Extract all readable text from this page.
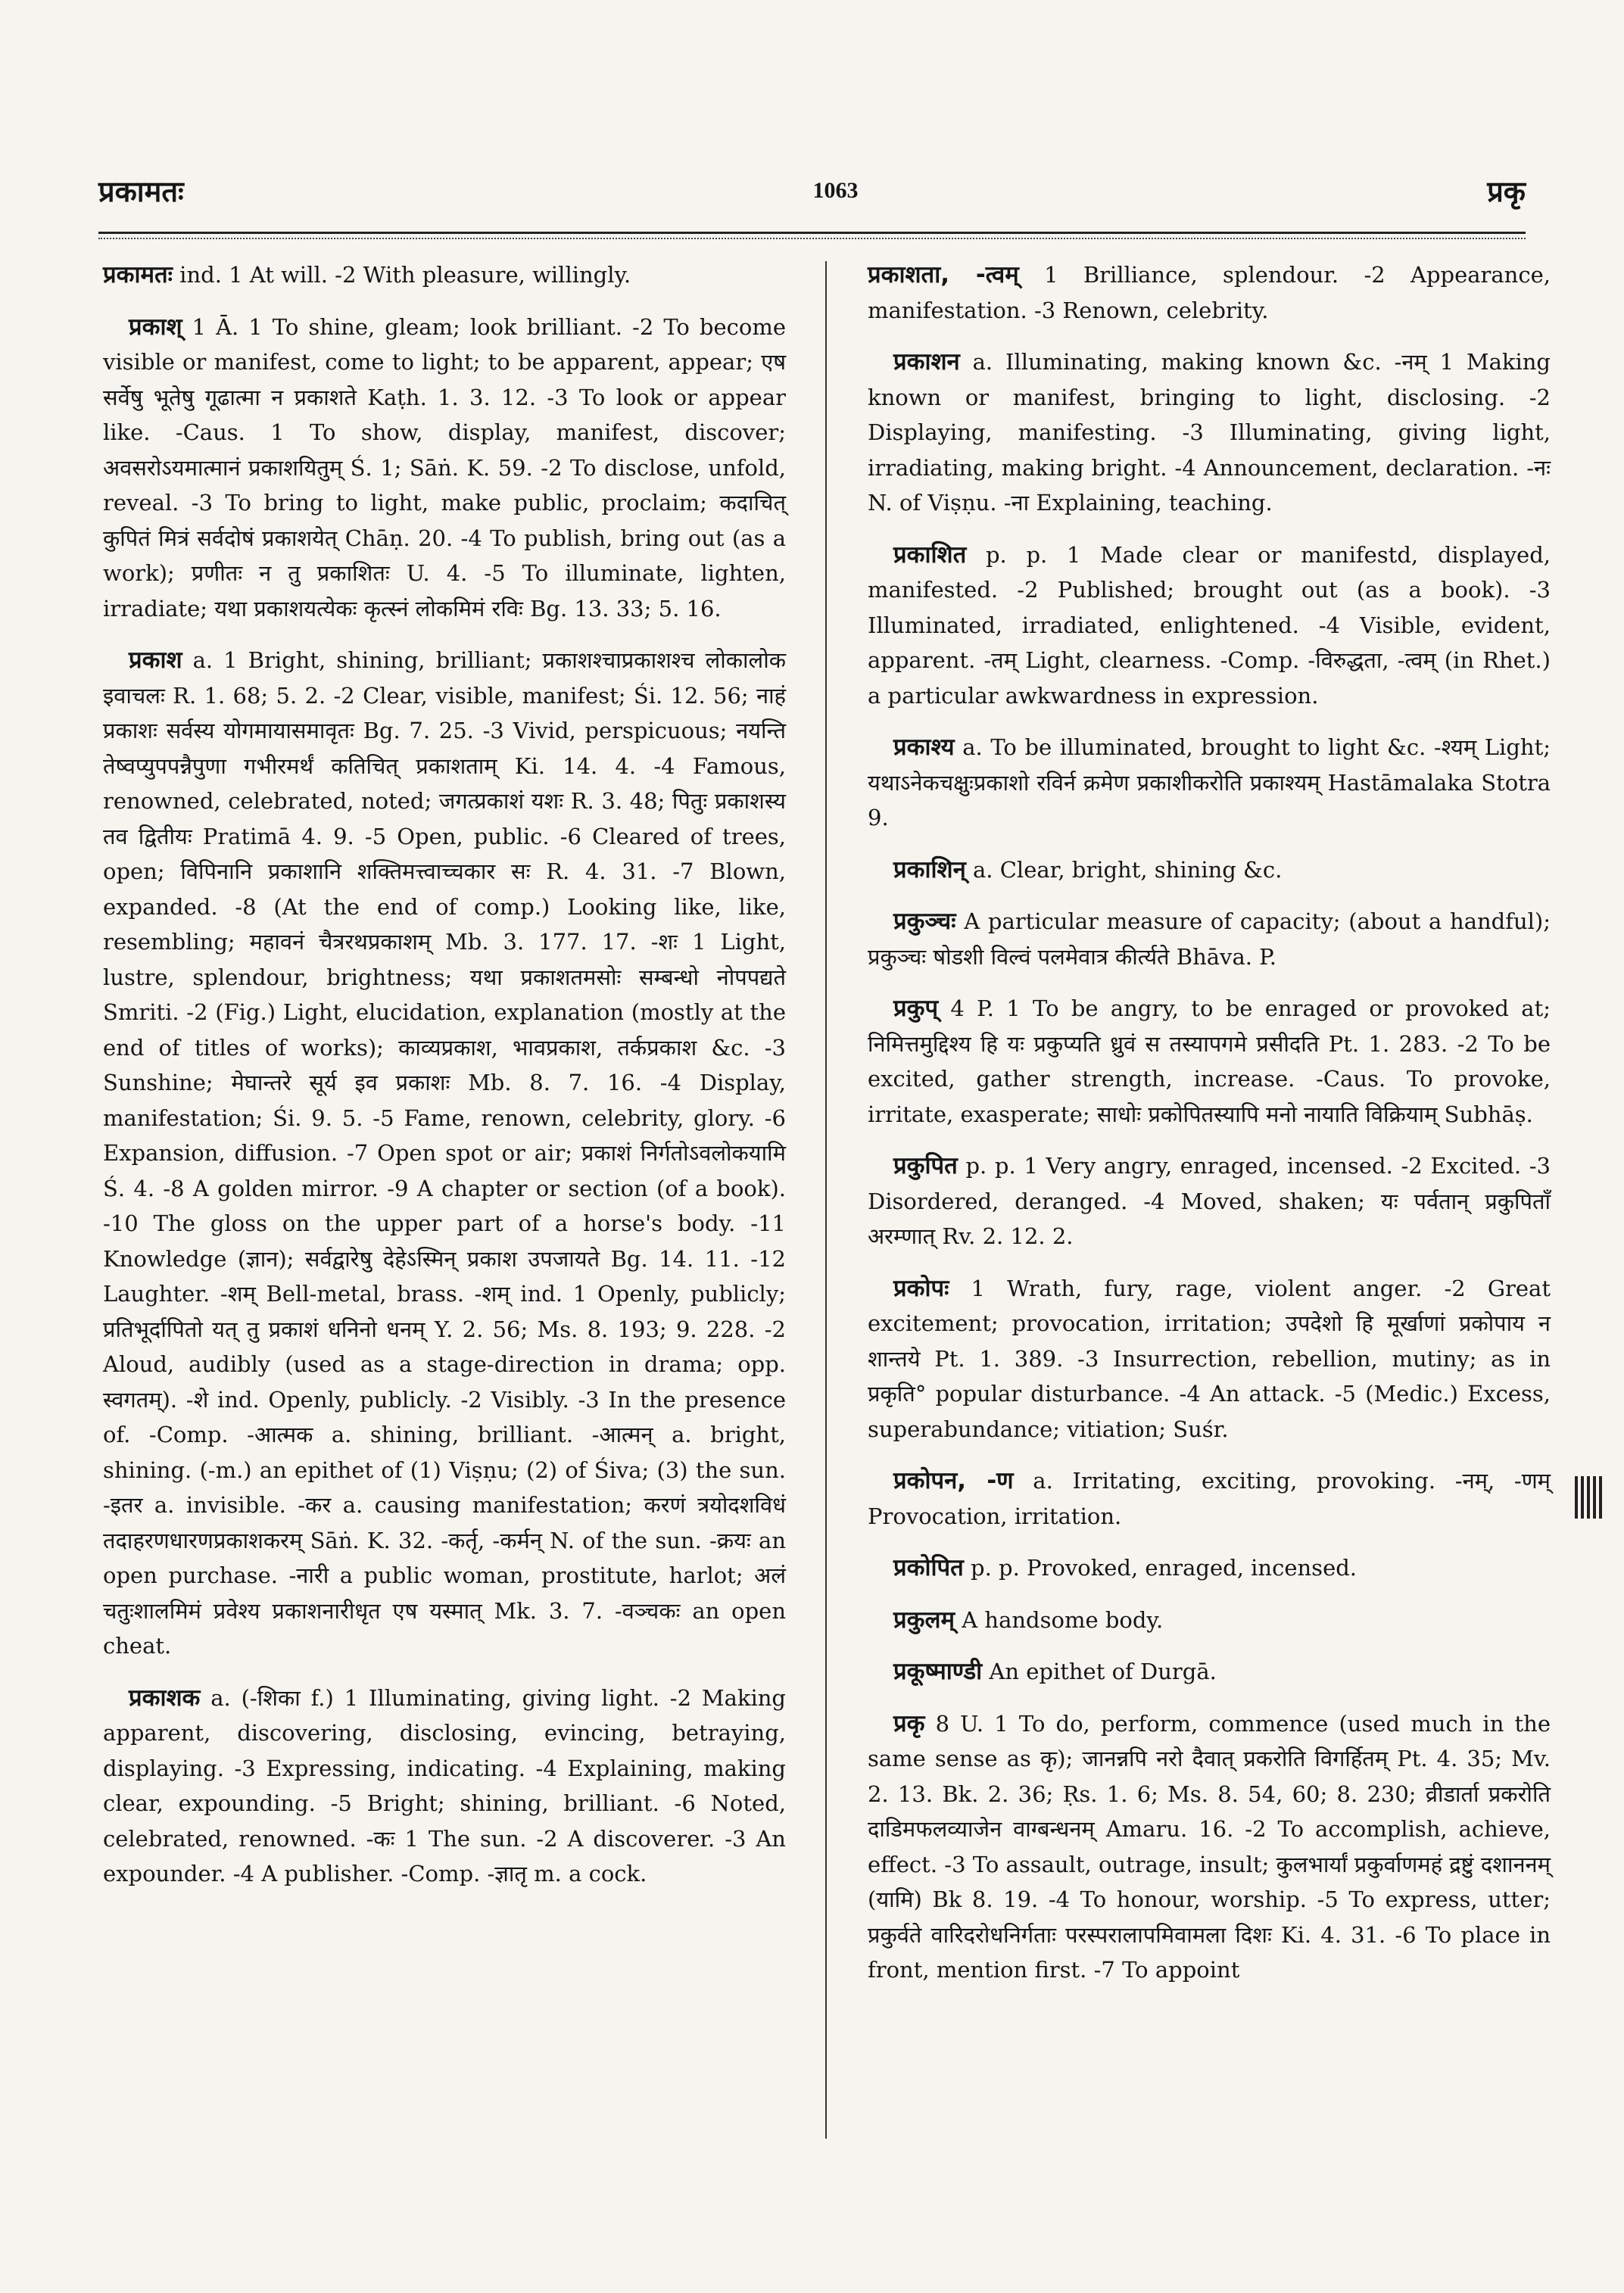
प्रकामतः	1063	प्रकृ

प्रकामतः ind. 1 At will. -2 With pleasure, willingly.

प्रकाश् 1 Ā. 1 To shine, gleam; look brilliant. -2 To become visible or manifest, come to light; to be apparent, appear; एष सर्वेषु भूतेषु गूढात्मा न प्रकाशते Kaṭh. 1. 3. 12. -3 To look or appear like. -Caus. 1 To show, display, manifest, discover; अवसरोऽयमात्मानं प्रकाशयितुम् Ś. 1; Sāṅ. K. 59. -2 To disclose, unfold, reveal. -3 To bring to light, make public, proclaim; कदाचित् कुपितं मित्रं सर्वदोषं प्रकाशयेत् Chāṇ. 20. -4 To publish, bring out (as a work); प्रणीतः न तु प्रकाशितः U. 4. -5 To illuminate, lighten, irradiate; यथा प्रकाशयत्येकः कृत्स्नं लोकमिमं रविः Bg. 13. 33; 5. 16.

प्रकाश a. 1 Bright, shining, brilliant; प्रकाशश्चाप्रकाशश्च लोकालोक इवाचलः R. 1. 68; 5. 2. -2 Clear, visible, manifest; Śi. 12. 56; नाहं प्रकाशः सर्वस्य योगमायासमावृतः Bg. 7. 25. -3 Vivid, perspicuous; नयन्ति तेष्वप्युपपन्नैपुणा गभीरमर्थं कतिचित् प्रकाशताम् Ki. 14. 4. -4 Famous, renowned, celebrated, noted; जगत्प्रकाशं यशः R. 3. 48; पितुः प्रकाशस्य तव द्वितीयः Pratimā 4. 9. -5 Open, public. -6 Cleared of trees, open; विपिनानि प्रकाशानि शक्तिमत्त्वाच्चकार सः R. 4. 31. -7 Blown, expanded. -8 (At the end of comp.) Looking like, like, resembling; महावनं चैत्ररथप्रकाशम् Mb. 3. 177. 17. -शः 1 Light, lustre, splendour, brightness; यथा प्रकाशतमसोः सम्बन्धो नोपपद्यते Smriti. -2 (Fig.) Light, elucidation, explanation (mostly at the end of titles of works); काव्यप्रकाश, भावप्रकाश, तर्कप्रकाश &c. -3 Sunshine; मेघान्तरे सूर्य इव प्रकाशः Mb. 8. 7. 16. -4 Display, manifestation; Śi. 9. 5. -5 Fame, renown, celebrity, glory. -6 Expansion, diffusion. -7 Open spot or air; प्रकाशं निर्गतोऽवलोकयामि Ś. 4. -8 A golden mirror. -9 A chapter or section (of a book). -10 The gloss on the upper part of a horse's body. -11 Knowledge (ज्ञान); सर्वद्वारेषु देहेऽस्मिन् प्रकाश उपजायते Bg. 14. 11. -12 Laughter. -शम् Bell-metal, brass. -शम् ind. 1 Openly, publicly; प्रतिभूर्दापितो यत् तु प्रकाशं धनिनो धनम् Y. 2. 56; Ms. 8. 193; 9. 228. -2 Aloud, audibly (used as a stage-direction in drama; opp. स्वगतम्). -शे ind. Openly, publicly. -2 Visibly. -3 In the presence of. -Comp. -आत्मक a. shining, brilliant. -आत्मन् a. bright, shining. (-m.) an epithet of (1) Viṣṇu; (2) of Śiva; (3) the sun. -इतर a. invisible. -कर a. causing manifestation; करणं त्रयोदशविधं तदाहरणधारणप्रकाशकरम् Sāṅ. K. 32. -कर्तृ, -कर्मन् N. of the sun. -क्रयः an open purchase. -नारी a public woman, prostitute, harlot; अलं चतुःशालमिमं प्रवेश्य प्रकाशनारीधृत एष यस्मात् Mk. 3. 7. -वञ्चकः an open cheat.

प्रकाशक a. (-शिका f.) 1 Illuminating, giving light. -2 Making apparent, discovering, disclosing, evincing, betraying, displaying. -3 Expressing, indicating. -4 Explaining, making clear, expounding. -5 Bright; shining, brilliant. -6 Noted, celebrated, renowned. -कः 1 The sun. -2 A discoverer. -3 An expounder. -4 A publisher. -Comp. -ज्ञातृ m. a cock.

प्रकाशता, -त्वम् 1 Brilliance, splendour. -2 Appearance, manifestation. -3 Renown, celebrity.

प्रकाशन a. Illuminating, making known &c. -नम् 1 Making known or manifest, bringing to light, disclosing. -2 Displaying, manifesting. -3 Illuminating, giving light, irradiating, making bright. -4 Announcement, declaration. -नः N. of Viṣṇu. -ना Explaining, teaching.

प्रकाशित p. p. 1 Made clear or manifestd, displayed, manifested. -2 Published; brought out (as a book). -3 Illuminated, irradiated, enlightened. -4 Visible, evident, apparent. -तम् Light, clearness. -Comp. -विरुद्धता, -त्वम् (in Rhet.) a particular awkwardness in expression.

प्रकाश्य a. To be illuminated, brought to light &c. -श्यम् Light; यथाऽनेकचक्षुःप्रकाशो रविर्न क्रमेण प्रकाशीकरोति प्रकाश्यम् Hastāmalaka Stotra 9.

प्रकाशिन् a. Clear, bright, shining &c.

प्रकुञ्चः A particular measure of capacity; (about a handful); प्रकुञ्चः षोडशी विल्वं पलमेवात्र कीर्त्यते Bhāva. P.

प्रकुप् 4 P. 1 To be angry, to be enraged or provoked at; निमित्तमुद्दिश्य हि यः प्रकुप्यति ध्रुवं स तस्यापगमे प्रसीदति Pt. 1. 283. -2 To be excited, gather strength, increase. -Caus. To provoke, irritate, exasperate; साधोः प्रकोपितस्यापि मनो नायाति विक्रियाम् Subhāṣ.

प्रकुपित p. p. 1 Very angry, enraged, incensed. -2 Excited. -3 Disordered, deranged. -4 Moved, shaken; यः पर्वतान् प्रकुपिताँ अरम्णात् Rv. 2. 12. 2.

प्रकोपः 1 Wrath, fury, rage, violent anger. -2 Great excitement; provocation, irritation; उपदेशो हि मूर्खाणां प्रकोपाय न शान्तये Pt. 1. 389. -3 Insurrection, rebellion, mutiny; as in प्रकृति° popular disturbance. -4 An attack. -5 (Medic.) Excess, superabundance; vitiation; Suśr.

प्रकोपन, -ण a. Irritating, exciting, provoking. -नम्, -णम् Provocation, irritation.

प्रकोपित p. p. Provoked, enraged, incensed.

प्रकुलम् A handsome body.

प्रकूष्माण्डी An epithet of Durgā.

प्रकृ 8 U. 1 To do, perform, commence (used much in the same sense as कृ); जानन्नपि नरो दैवात् प्रकरोति विगर्हितम् Pt. 4. 35; Mv. 2. 13. Bk. 2. 36; Ṛs. 1. 6; Ms. 8. 54, 60; 8. 230; व्रीडार्ता प्रकरोति दाडिमफलव्याजेन वाग्बन्धनम् Amaru. 16. -2 To accomplish, achieve, effect. -3 To assault, outrage, insult; कुलभार्यां प्रकुर्वाणमहं द्रष्टुं दशाननम् (यामि) Bk 8. 19. -4 To honour, worship. -5 To express, utter; प्रकुर्वते वारिदरोधनिर्गताः परस्परालापमिवामला दिशः Ki. 4. 31. -6 To place in front, mention first. -7 To appoint
